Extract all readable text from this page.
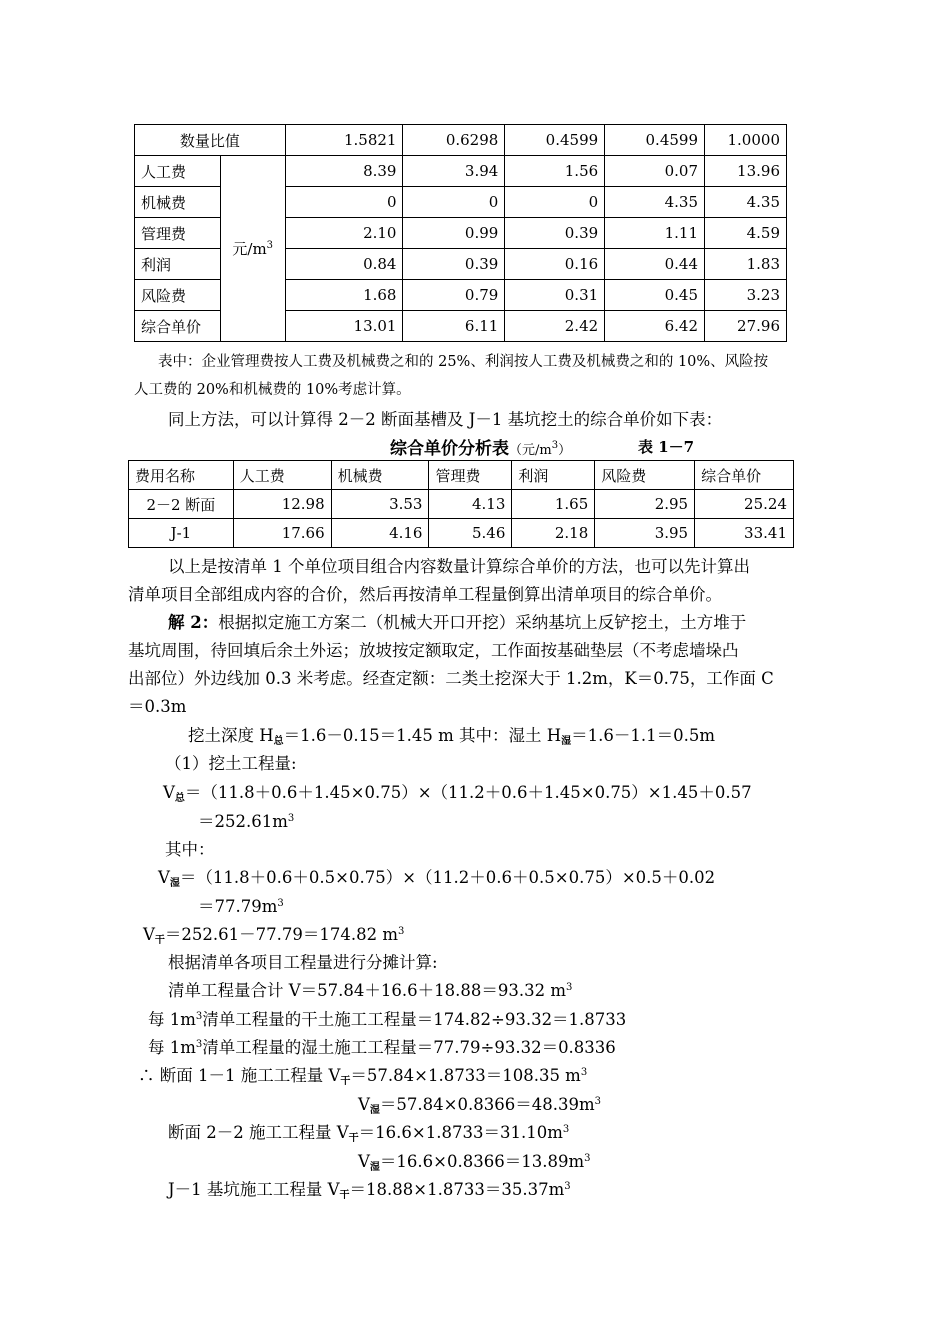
数量比值		1.5821	0.6298	0.4599	0.4599	1.0000
人工费	元$/m^3$	8.39	3.94	1.56	0.07	13.96
机械费		0	0	0	4.35	4.35
管理费		2.10	0.99	0.39	1.11	4.59
利润		0.84	0.39	0.16	0.44	1.83
风险费		1.68	0.79	0.31	0.45	3.23
综合单价		13.01	6.11	2.42	6.42	27.96
表中：企业管理费按人工费及机械费之和的 25%、利润按人工费及机械费之和的 10%、风险按
人工费的 20%和机械费的 10%考虑计算。
同上方法，可以计算得 2－2 断面基槽及 J－1 基坑挖土的综合单价如下表：
综合单价分析表（元$/m^3$）	表 1－7
费用名称	人工费	机械费	管理费	利润	风险费	综合单价
2－2 断面	12.98	3.53	4.13	1.65	2.95	25.24
J-1	17.66	4.16	5.46	2.18	3.95	33.41
以上是按清单 1 个单位项目组合内容数量计算综合单价的方法，也可以先计算出
清单项目全部组成内容的合价，然后再按清单工程量倒算出清单项目的综合单价。
解 2：根据拟定施工方案二（机械大开口开挖）采纳基坑上反铲挖土，土方堆于
基坑周围，待回填后余土外运；放坡按定额取定，工作面按基础垫层（不考虑墙垛凸
出部位）外边线加 0.3 米考虑。经查定额：二类土挖深大于 1.2m，K＝0.75，工作面 C
＝0.3m
挖土深度 $H_总=1.6-0.15=1.45$ m 其中：湿土 $H_湿=1.6-1.1=0.5m$
（1）挖土工程量:
$V_总=(11.8+0.6+1.45\times 0.75)\times(11.2+0.6+1.45\times 0.75)\times 1.45+0.57$
$=252.61m^3$
其中：
$V_湿=(11.8+0.6+0.5\times 0.75)\times(11.2+0.6+0.5\times 0.75)\times 0.5+0.02$
$=77.79m^3$
$V_干=252.61-77.79=174.82$ $m^3$
根据清单各项目工程量进行分摊计算:
清单工程量合计 V＝57.84＋16.6＋18.88＝93.32 $m^3$
每 $1m^3$清单工程量的干土施工工程量＝174.82÷93.32＝1.8733
每 $1m^3$清单工程量的湿土施工工程量＝77.79÷93.32＝0.8336
∴ 断面 1－1 施工工程量 $V_干=57.84\times 1.8733=108.35$ $m^3$
$V_湿=57.84\times 0.8366=48.39m^3$
断面 2－2 施工工程量 $V_干=16.6\times 1.8733=31.10m^3$
$V_湿=16.6\times 0.8366=13.89m^3$
J－1 基坑施工工程量 $V_干=18.88\times 1.8733=35.37m^3$
